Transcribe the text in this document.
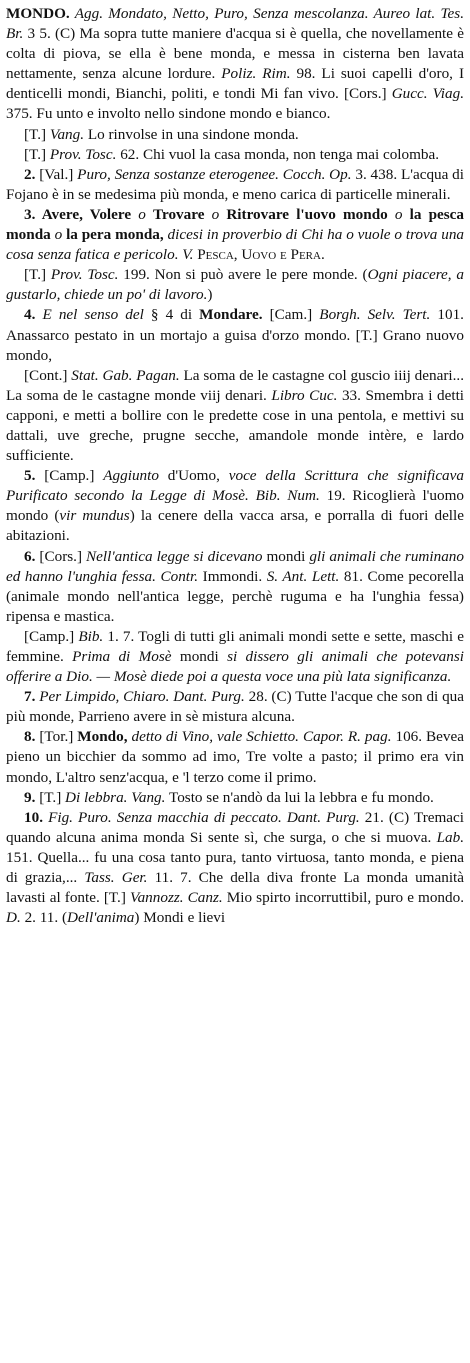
MONDO. Agg. Mondato, Netto, Puro, Senza mescolanza. Aureo lat. Tes. Br. 3 5. (C) Ma sopra tutte maniere d'acqua si è quella, che novellamente è colta di piova, se ella è bene monda, e messa in cisterna ben lavata nettamente, senza alcune lordure. Poliz. Rim. 98. Li suoi capelli d'oro, I denticelli mondi, Bianchi, politi, e tondi Mi fan vivo. [Cors.] Gucc. Viag. 375. Fu unto e involto nello sindone mondo e bianco.

[T.] Vang. Lo rinvolse in una sindone monda.

[T.] Prov. Tosc. 62. Chi vuol la casa monda, non tenga mai colomba.

2. [Val.] Puro, Senza sostanze eterogenee. Cocch. Op. 3. 438. L'acqua di Fojano è in se medesima più monda, e meno carica di particelle minerali.

3. Avere, Volere o Trovare o Ritrovare l'uovo mondo o la pesca monda o la pera monda, dicesi in proverbio di Chi ha o vuole o trova una cosa senza fatica e pericolo. V. Pesca, Uovo e Pera.

[T.] Prov. Tosc. 199. Non si può avere le pere monde. (Ogni piacere, a gustarlo, chiede un po' di lavoro.)

4. E nel senso del § 4 di Mondare. [Cam.] Borgh. Selv. Tert. 101. Anassarco pestato in un mortajo a guisa d'orzo mondo. [T.] Grano nuovo mondo,

[Cont.] Stat. Gab. Pagan. La soma de le castagne col guscio iiij denari... La soma de le castagne monde viij denari. Libro Cuc. 33. Smembra i detti capponi, e metti a bollire con le predette cose in una pentola, e mettivi su dattali, uve greche, prugne secche, amandole monde intère, e lardo sufficiente.

5. [Camp.] Aggiunto d'Uomo, voce della Scrittura che significava Purificato secondo la Legge di Mosè. Bib. Num. 19. Ricoglierà l'uomo mondo (vir mundus) la cenere della vacca arsa, e porralla di fuori delle abitazioni.

6. [Cors.] Nell'antica legge si dicevano mondi gli animali che ruminano ed hanno l'unghia fessa. Contr. Immondi. S. Ant. Lett. 81. Come pecorella (animale mondo nell'antica legge, perchè ruguma e ha l'unghia fessa) ripensa e mastica.

[Camp.] Bib. 1. 7. Togli di tutti gli animali mondi sette e sette, maschi e femmine. Prima di Mosè mondi si dissero gli animali che potevansi offerire a Dio. — Mosè diede poi a questa voce una più lata significanza.

7. Per Limpido, Chiaro. Dant. Purg. 28. (C) Tutte l'acque che son di qua più monde, Parrieno avere in sè mistura alcuna.

8. [Tor.] Mondo, detto di Vino, vale Schietto. Capor. R. pag. 106. Bevea pieno un bicchier da sommo ad imo, Tre volte a pasto; il primo era vin mondo, L'altro senz'acqua, e 'l terzo come il primo.

9. [T.] Di lebbra. Vang. Tosto se n'andò da lui la lebbra e fu mondo.

10. Fig. Puro. Senza macchia di peccato. Dant. Purg. 21. (C) Tremaci quando alcuna anima monda Si sente sì, che surga, o che si muova. Lab. 151. Quella... fu una cosa tanto pura, tanto virtuosa, tanto monda, e piena di grazia,... Tass. Ger. 11. 7. Che della diva fronte La monda umanità lavasti al fonte. [T.] Vannozz. Canz. Mio spirto incorruttibil, puro e mondo. D. 2. 11. (Dell'anima) Mondi e lievi
